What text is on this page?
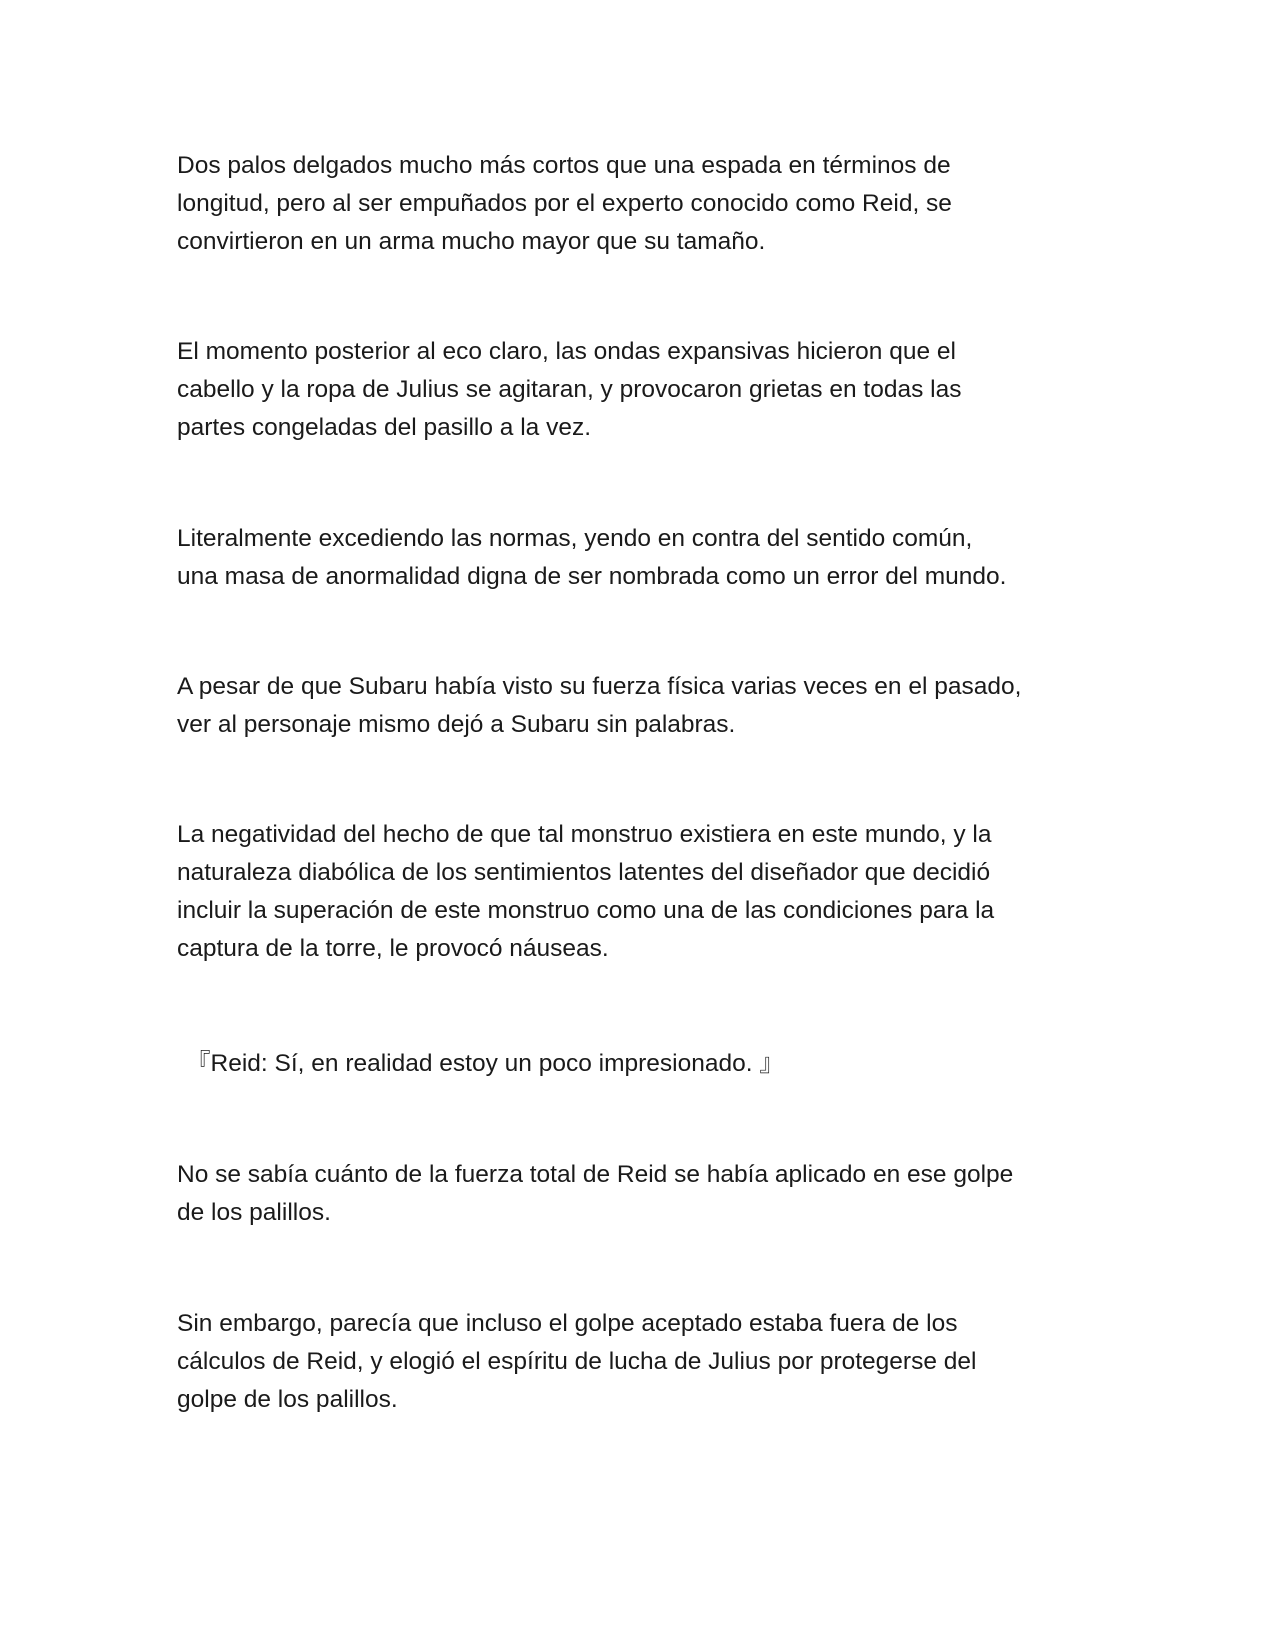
Dos palos delgados mucho más cortos que una espada en términos de
longitud, pero al ser empuñados por el experto conocido como Reid, se
convirtieron en un arma mucho mayor que su tamaño.

El momento posterior al eco claro, las ondas expansivas hicieron que el
cabello y la ropa de Julius se agitaran, y provocaron grietas en todas las
partes congeladas del pasillo a la vez.

Literalmente excediendo las normas, yendo en contra del sentido común,
una masa de anormalidad digna de ser nombrada como un error del mundo.

A pesar de que Subaru había visto su fuerza física varias veces en el pasado,
ver al personaje mismo dejó a Subaru sin palabras.

La negatividad del hecho de que tal monstruo existiera en este mundo, y la
naturaleza diabólica de los sentimientos latentes del diseñador que decidió
incluir la superación de este monstruo como una de las condiciones para la
captura de la torre, le provocó náuseas.

『Reid: Sí, en realidad estoy un poco impresionado. 』

No se sabía cuánto de la fuerza total de Reid se había aplicado en ese golpe
de los palillos.

Sin embargo, parecía que incluso el golpe aceptado estaba fuera de los
cálculos de Reid, y elogió el espíritu de lucha de Julius por protegerse del
golpe de los palillos.
